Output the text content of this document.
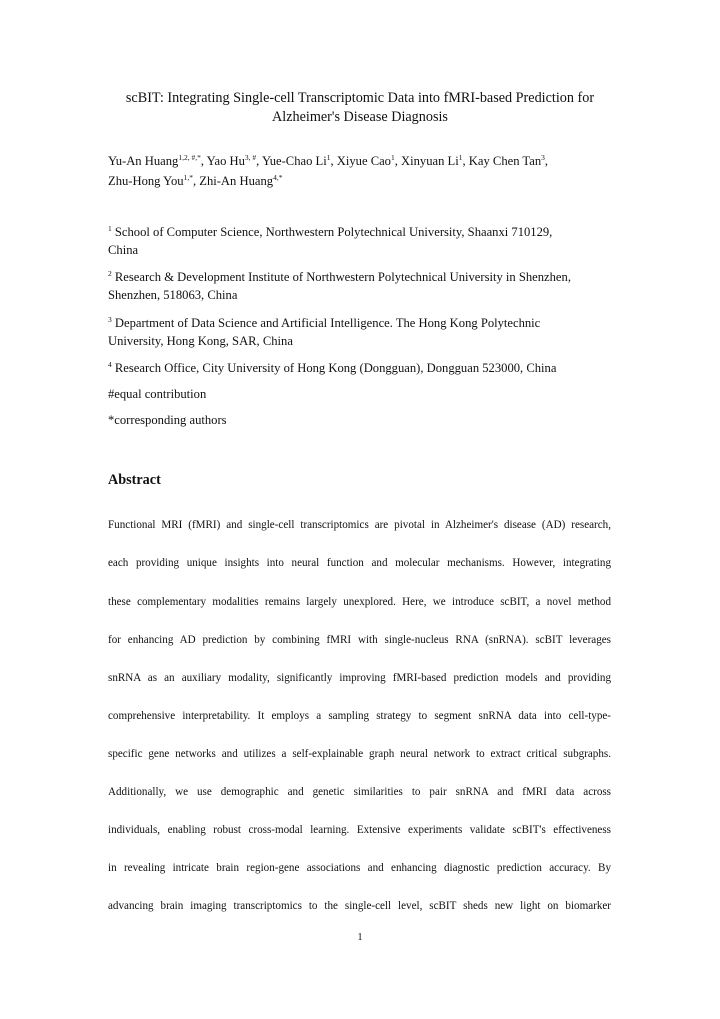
scBIT: Integrating Single-cell Transcriptomic Data into fMRI-based Prediction for
Alzheimer's Disease Diagnosis
Yu-An Huang$^{1,2, \#,*}$, Yao $Hu^{3, \#}$, Yue-Chao Li$^1$, Xiyue Cao$^1$, Xinyuan Li$^1$, Kay Chen Tan$^3$,
Zhu-Hong You$^{1,*}$, Zhi-An Huang$^{4,*}$
$^1$ School of Computer Science, Northwestern Polytechnical University, Shaanxi 710129,
China
$^2$ Research & Development Institute of Northwestern Polytechnical University in Shenzhen,
Shenzhen, 518063, China
$^3$ Department of Data Science and Artificial Intelligence. The Hong Kong Polytechnic
University, Hong Kong, SAR, China
$^4$ Research Office, City University of Hong Kong (Dongguan), Dongguan 523000, China
#equal contribution
*corresponding authors
Abstract
Functional MRI (fMRI) and single-cell transcriptomics are pivotal in Alzheimer's disease (AD) research,
each providing unique insights into neural function and molecular mechanisms. However, integrating
these complementary modalities remains largely unexplored. Here, we introduce scBIT, a novel method
for enhancing AD prediction by combining fMRI with single-nucleus RNA (snRNA). scBIT leverages
snRNA as an auxiliary modality, significantly improving fMRI-based prediction models and providing
comprehensive interpretability. It employs a sampling strategy to segment snRNA data into cell-type-
specific gene networks and utilizes a self-explainable graph neural network to extract critical subgraphs.
Additionally, we use demographic and genetic similarities to pair snRNA and fMRI data across
individuals, enabling robust cross-modal learning. Extensive experiments validate scBIT's effectiveness
in revealing intricate brain region-gene associations and enhancing diagnostic prediction accuracy. By
advancing brain imaging transcriptomics to the single-cell level, scBIT sheds new light on biomarker
1
